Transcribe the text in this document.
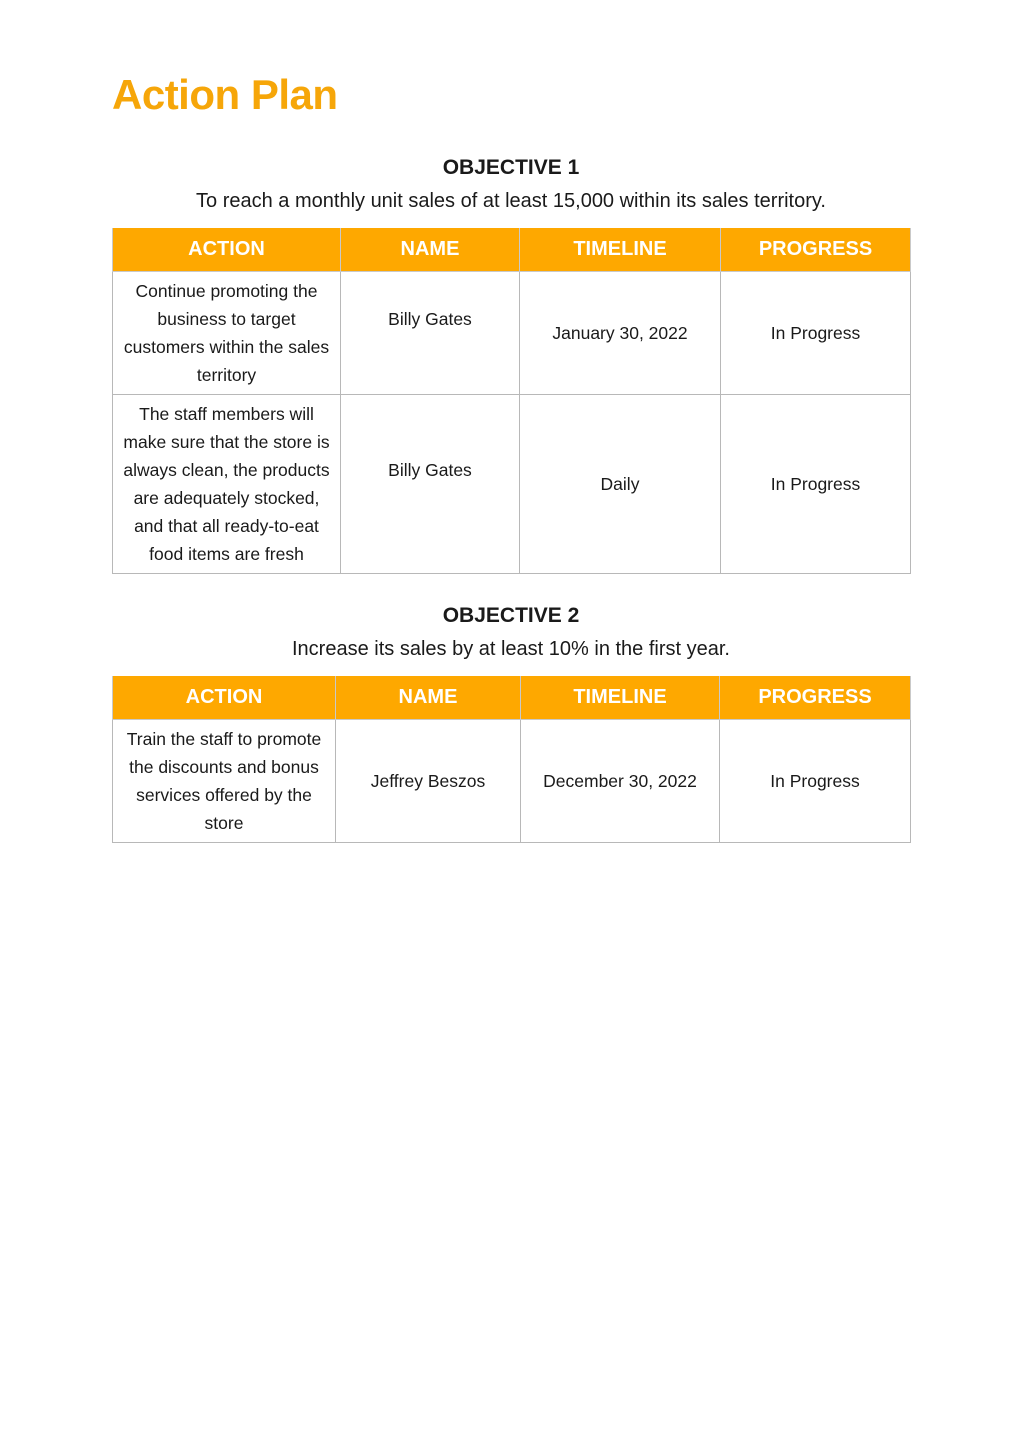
Action Plan

OBJECTIVE 1

To reach a monthly unit sales of at least 15,000 within its sales territory.

ACTION	NAME	TIMELINE	PROGRESS
Continue promoting the business to target customers within the sales territory	Billy Gates	January 30, 2022	In Progress
The staff members will make sure that the store is always clean, the products are adequately stocked, and that all ready-to-eat food items are fresh	Billy Gates	Daily	In Progress

OBJECTIVE 2

Increase its sales by at least 10% in the first year.

ACTION	NAME	TIMELINE	PROGRESS
Train the staff to promote the discounts and bonus services offered by the store	Jeffrey Beszos	December 30, 2022	In Progress
